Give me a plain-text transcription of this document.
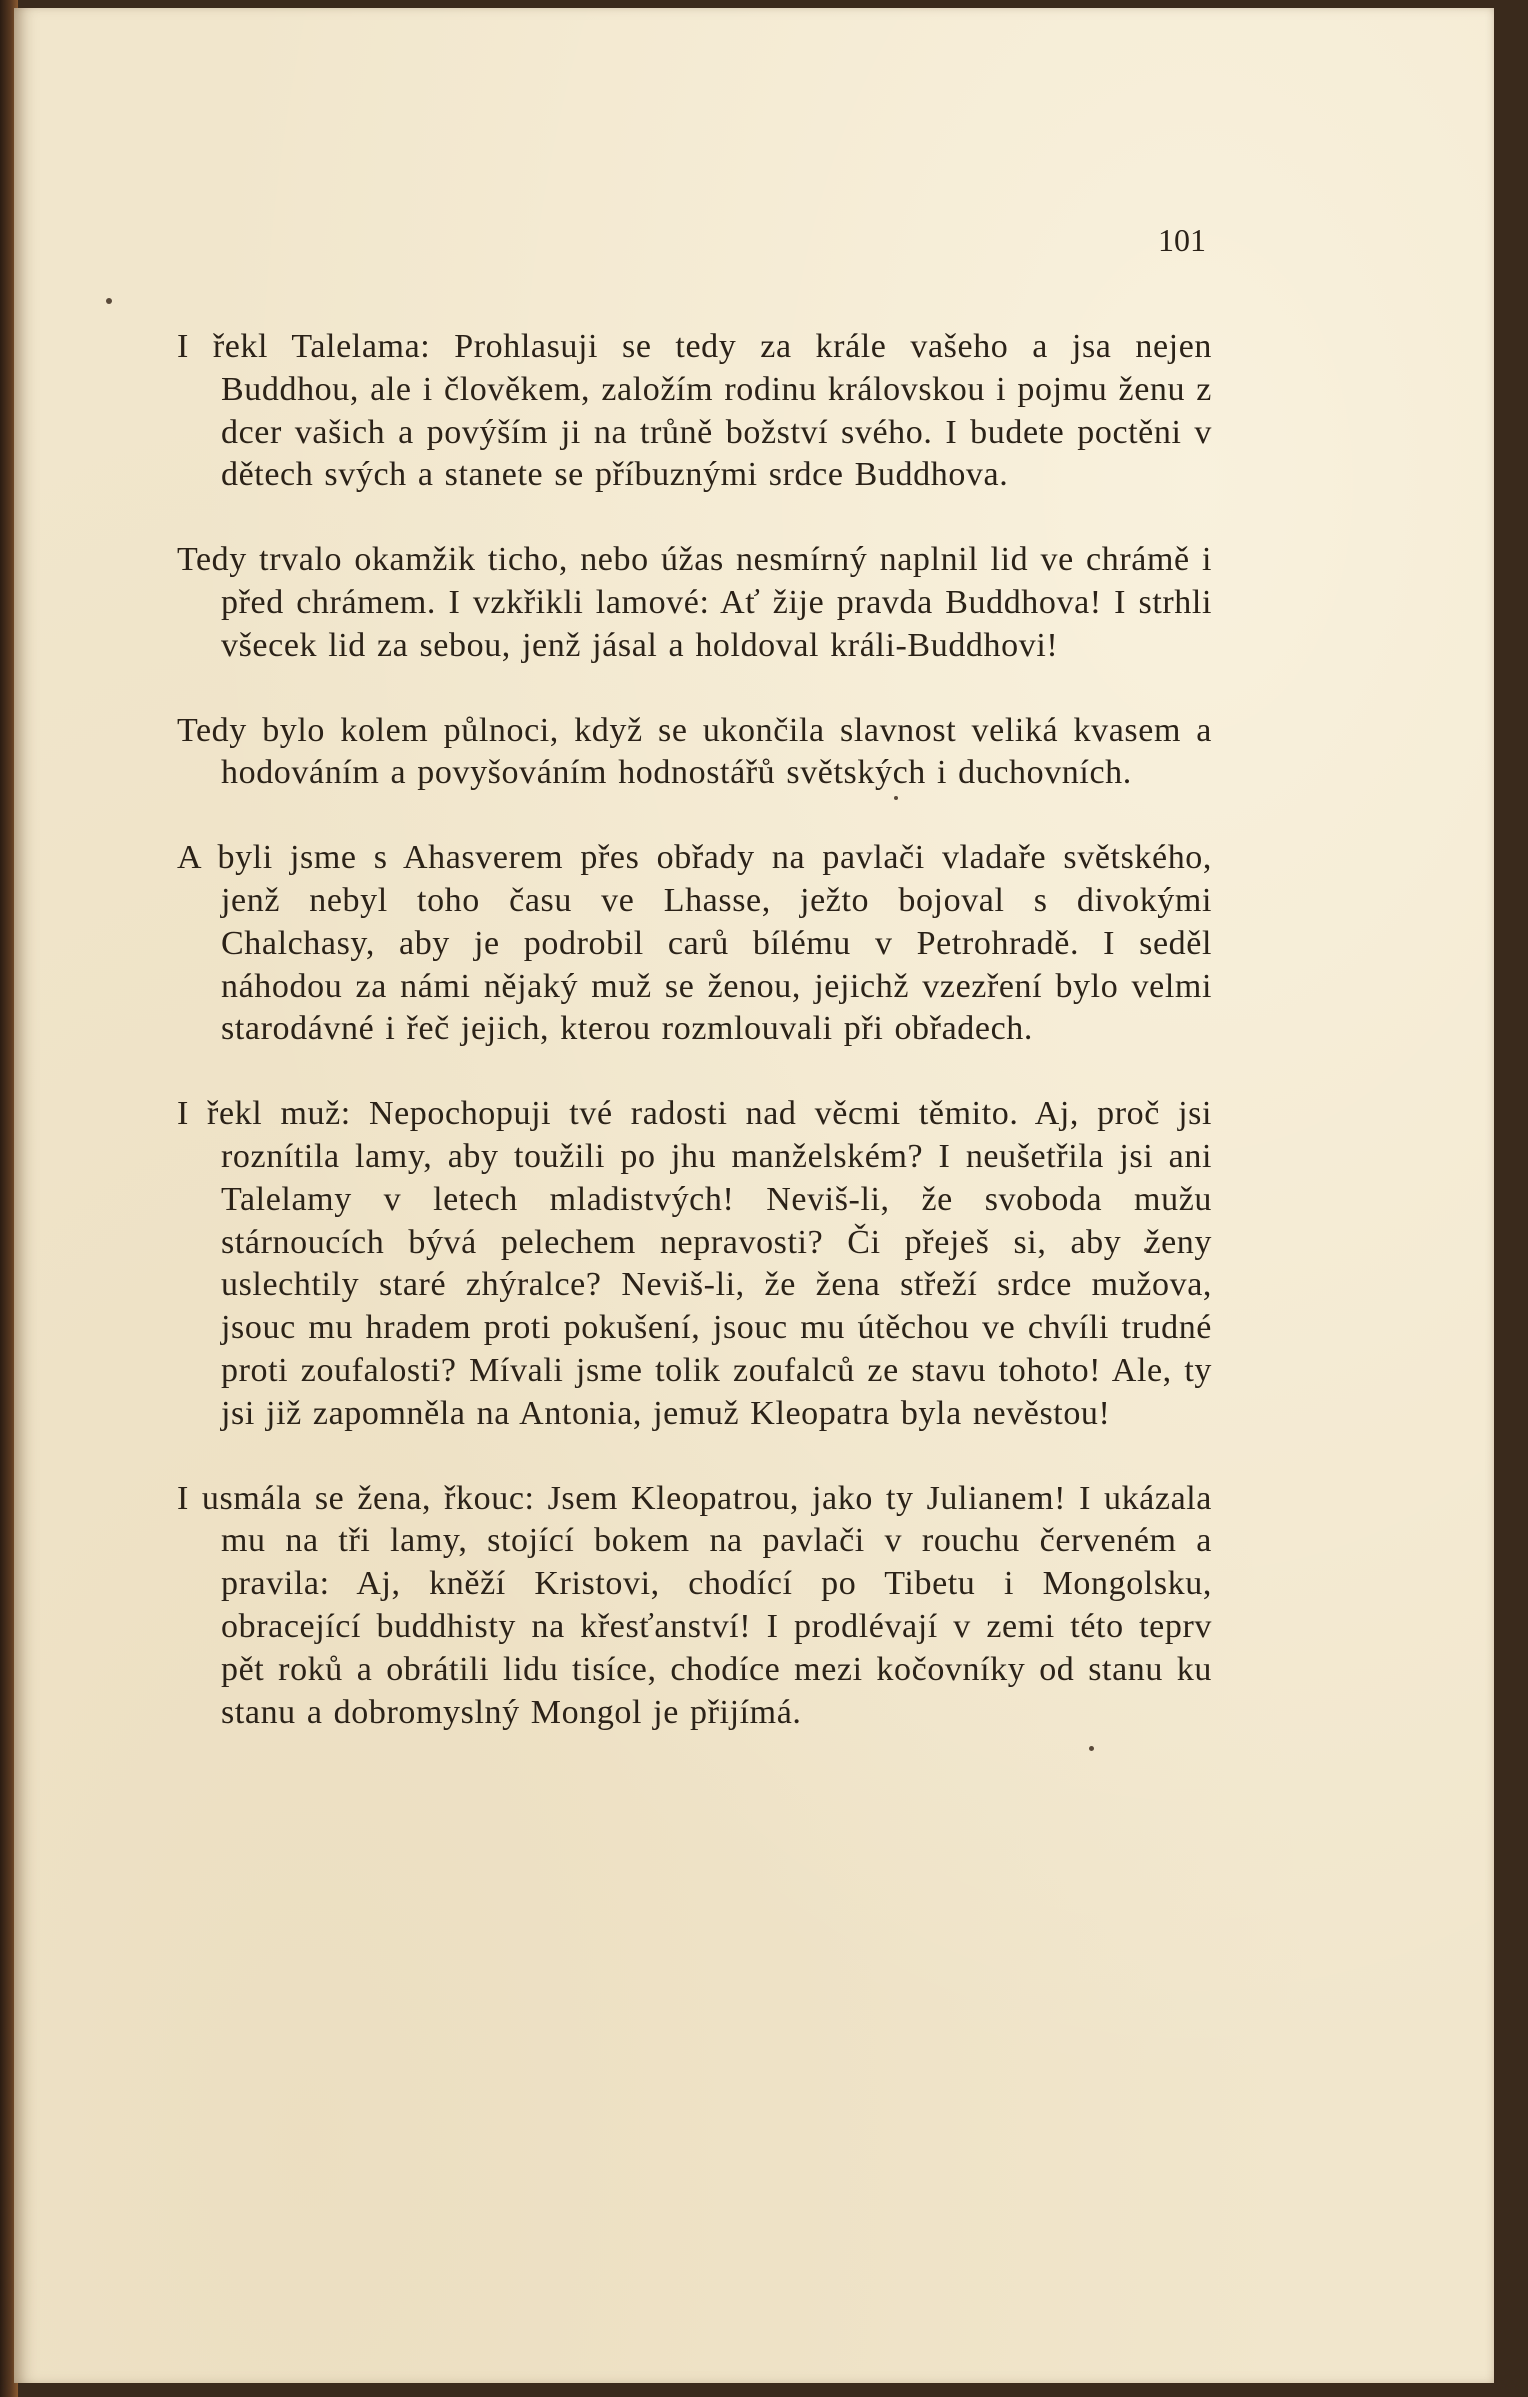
101

I řekl Talelama: Prohlasuji se tedy za krále vašeho a jsa nejen Buddhou, ale i člověkem, založím rodinu královskou i pojmu ženu z dcer vašich a povýším ji na trůně božství svého. I budete poctěni v dětech svých a stanete se příbuznými srdce Buddhova.

Tedy trvalo okamžik ticho, nebo úžas nesmírný naplnil lid ve chrámě i před chrámem. I vzkřikli lamové: Ať žije pravda Buddhova! I strhli všecek lid za sebou, jenž jásal a holdoval králi-Buddhovi!

Tedy bylo kolem půlnoci, když se ukončila slavnost veliká kvasem a hodováním a povyšováním hodnostářů světských i duchovních.

A byli jsme s Ahasverem přes obřady na pavlači vladaře světského, jenž nebyl toho času ve Lhasse, ježto bojoval s divokými Chalchasy, aby je podrobil carů bílému v Petrohradě. I seděl náhodou za námi nějaký muž se ženou, jejichž vzezření bylo velmi starodávné i řeč jejich, kterou rozmlouvali při obřadech.

I řekl muž: Nepochopuji tvé radosti nad věcmi těmito. Aj, proč jsi roznítila lamy, aby toužili po jhu manželském? I neušetřila jsi ani Talelamy v letech mladistvých! Neviš-li, že svoboda mužu stárnoucích bývá pelechem nepravosti? Či přeješ si, aby ženy uslechtily staré zhýralce? Neviš-li, že žena střeží srdce mužova, jsouc mu hradem proti pokušení, jsouc mu útěchou ve chvíli trudné proti zoufalosti? Mívali jsme tolik zoufalců ze stavu tohoto! Ale, ty jsi již zapomněla na Antonia, jemuž Kleopatra byla nevěstou!

I usmála se žena, řkouc: Jsem Kleopatrou, jako ty Julianem! I ukázala mu na tři lamy, stojící bokem na pavlači v rouchu červeném a pravila: Aj, kněží Kristovi, chodící po Tibetu i Mongolsku, obracející buddhisty na křesťanství! I prodlévají v zemi této teprv pět roků a obrátili lidu tisíce, chodíce mezi kočovníky od stanu ku stanu a dobromyslný Mongol je přijímá.
